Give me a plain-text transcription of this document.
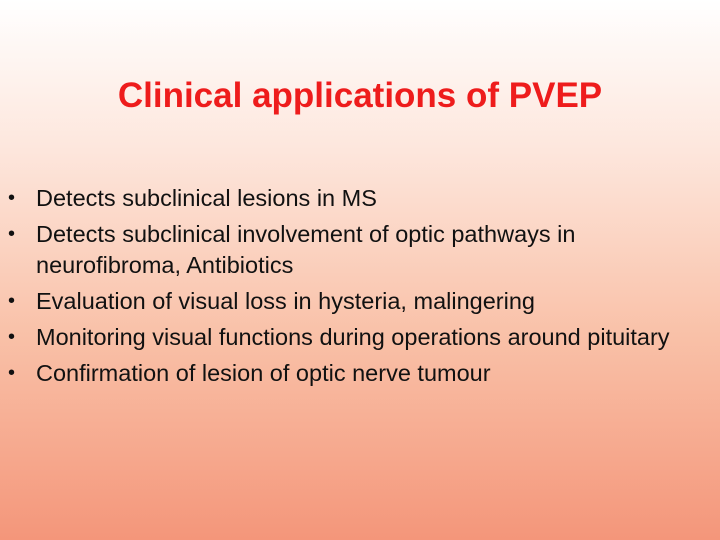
Clinical applications of PVEP
• Detects subclinical lesions in MS
• Detects subclinical involvement of optic pathways in neurofibroma, Antibiotics
• Evaluation of visual loss in hysteria, malingering
• Monitoring visual functions during operations around pituitary
• Confirmation of lesion of optic nerve tumour
